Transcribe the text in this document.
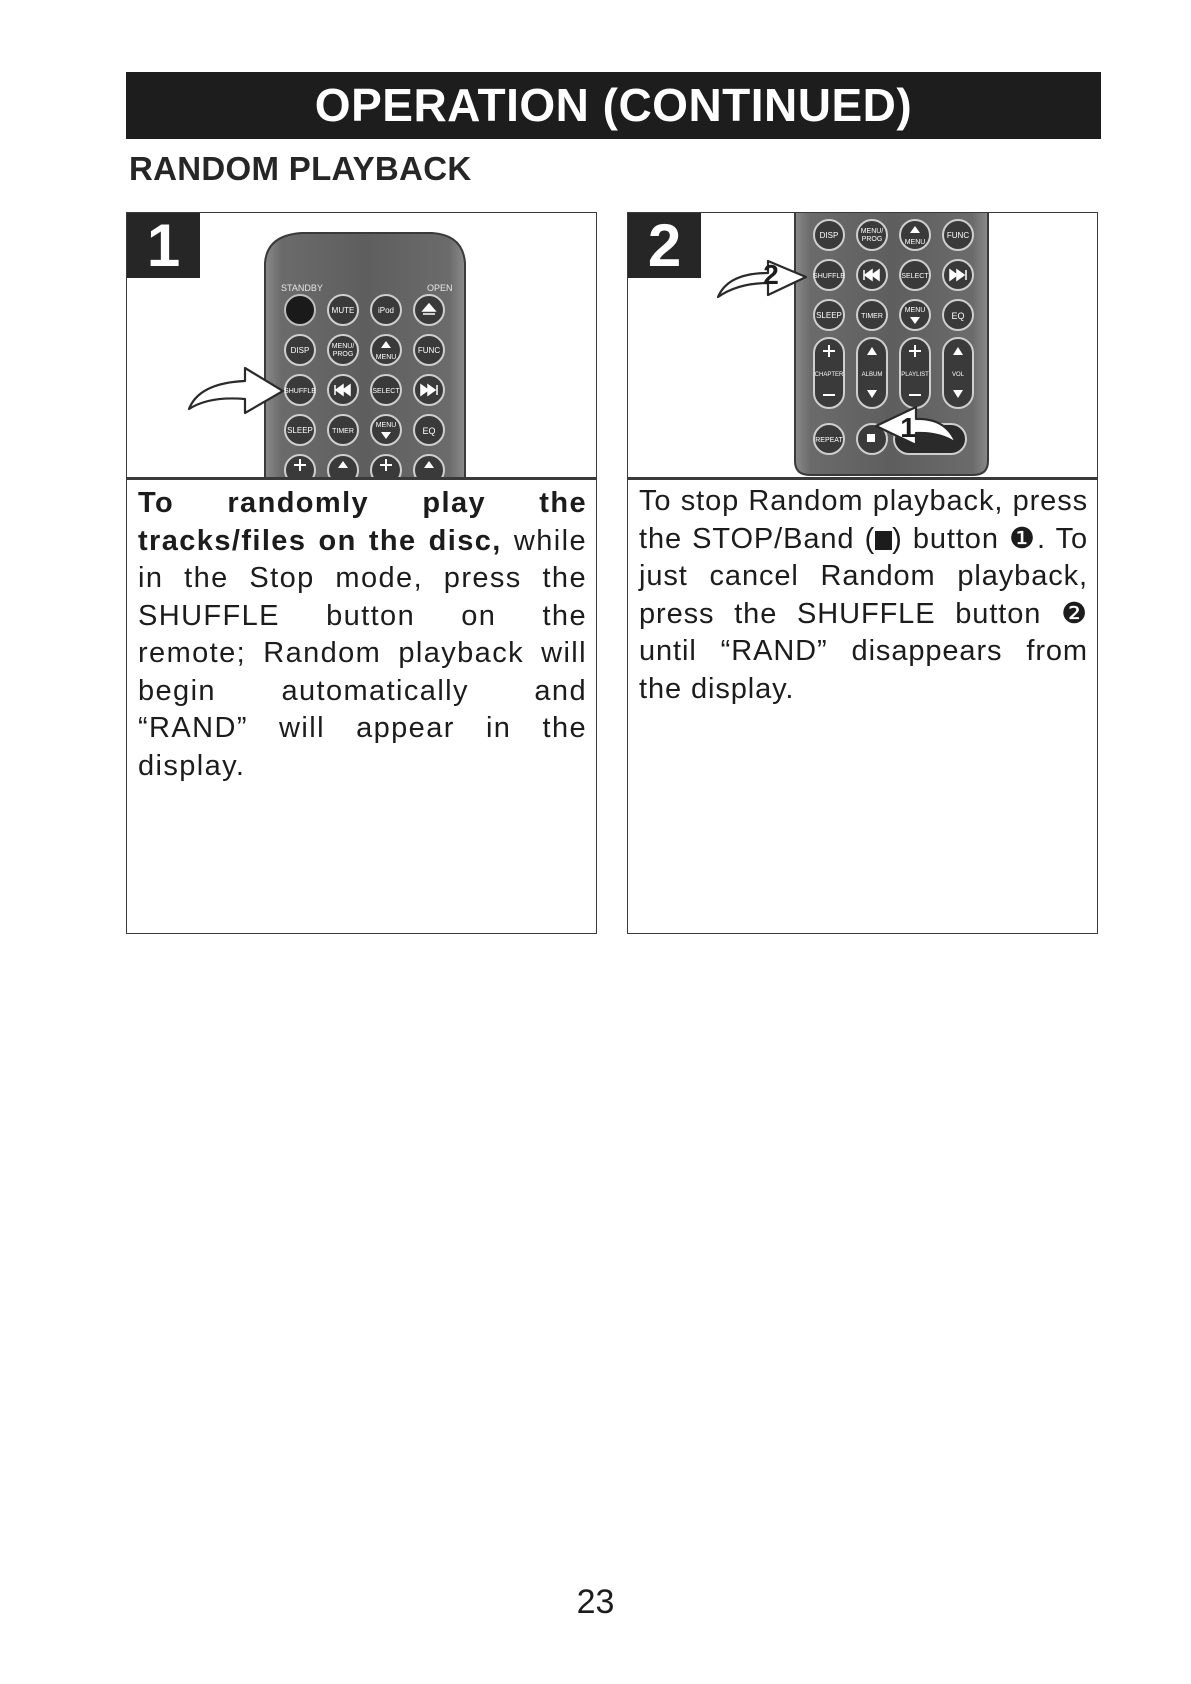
OPERATION (CONTINUED)
RANDOM PLAYBACK
STANDBY	OPEN
MUTE	iPod
DISP	MENU/
PROG	MENU
FUNC
SHUFFLE	SELECT
SLEEP	TIMER
MENU
EQ
1
To randomly play the tracks/files on the disc, while in the Stop mode, press the SHUFFLE button on the remote; Random playback will begin automatically and “RAND” will appear in the display.
DISP	MENU/
PROG	MENU
FUNC
SHUFFLE	SELECT
SLEEP	TIMER
MENU
EQ
CHAPTER	ALBUM	PLAYLIST	VOL
REPEAT
2
1
2
To stop Random playback, press the STOP/Band ( ) button ❶. To just cancel Random playback, press the SHUFFLE button ❷ until “RAND” disappears from the display.
23
